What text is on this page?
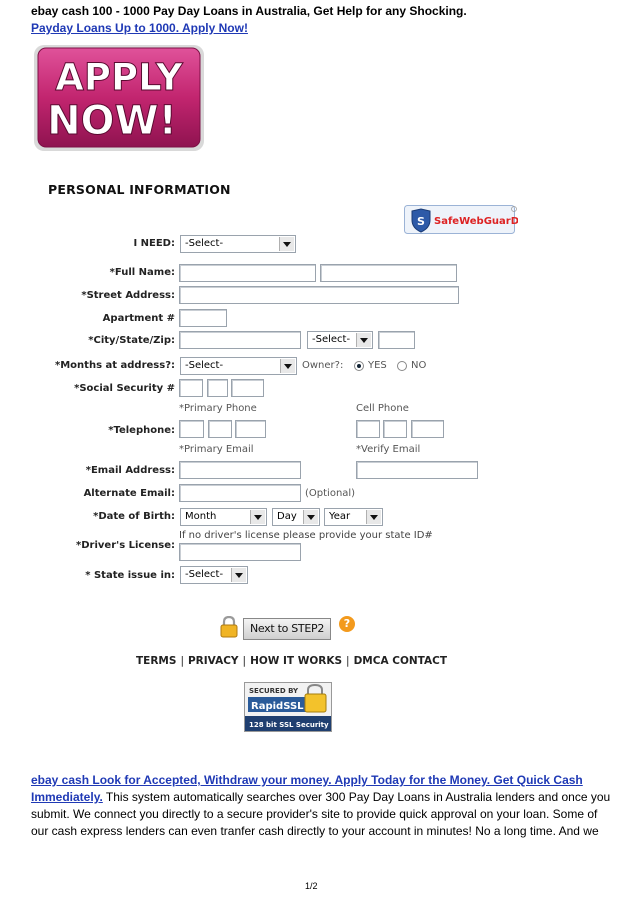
ebay cash 100 - 1000 Pay Day Loans in Australia, Get Help for any Shocking.
Payday Loans Up to 1000. Apply Now!
APPLY
NOW!
PERSONAL INFORMATION
S SafeWebGuarD
I NEED:	-Select-
*Full Name:
*Street Address:
Apartment #
*City/State/Zip:	-Select-
*Months at address?:	-Select-	Owner?: YES NO
*Social Security #
*Primary Phone	Cell Phone
*Telephone:
*Primary Email	*Verify Email
*Email Address:
Alternate Email:	(Optional)
*Date of Birth:	Month	Day	Year
If no driver's license please provide your state ID#
*Driver's License:
* State issue in:	-Select-
Next to STEP2	?
TERMS | PRIVACY | HOW IT WORKS | DMCA CONTACT
SECURED BY
RapidSSL
128 bit SSL Security
ebay cash Look for Accepted, Withdraw your money. Apply Today for the Money. Get Quick Cash Immediately. This system automatically searches over 300 Pay Day Loans in Australia lenders and once you submit. We connect you directly to a secure provider's site to provide quick approval on your loan. Some of our cash express lenders can even tranfer cash directly to your account in minutes! No a long time. And we
1/2
